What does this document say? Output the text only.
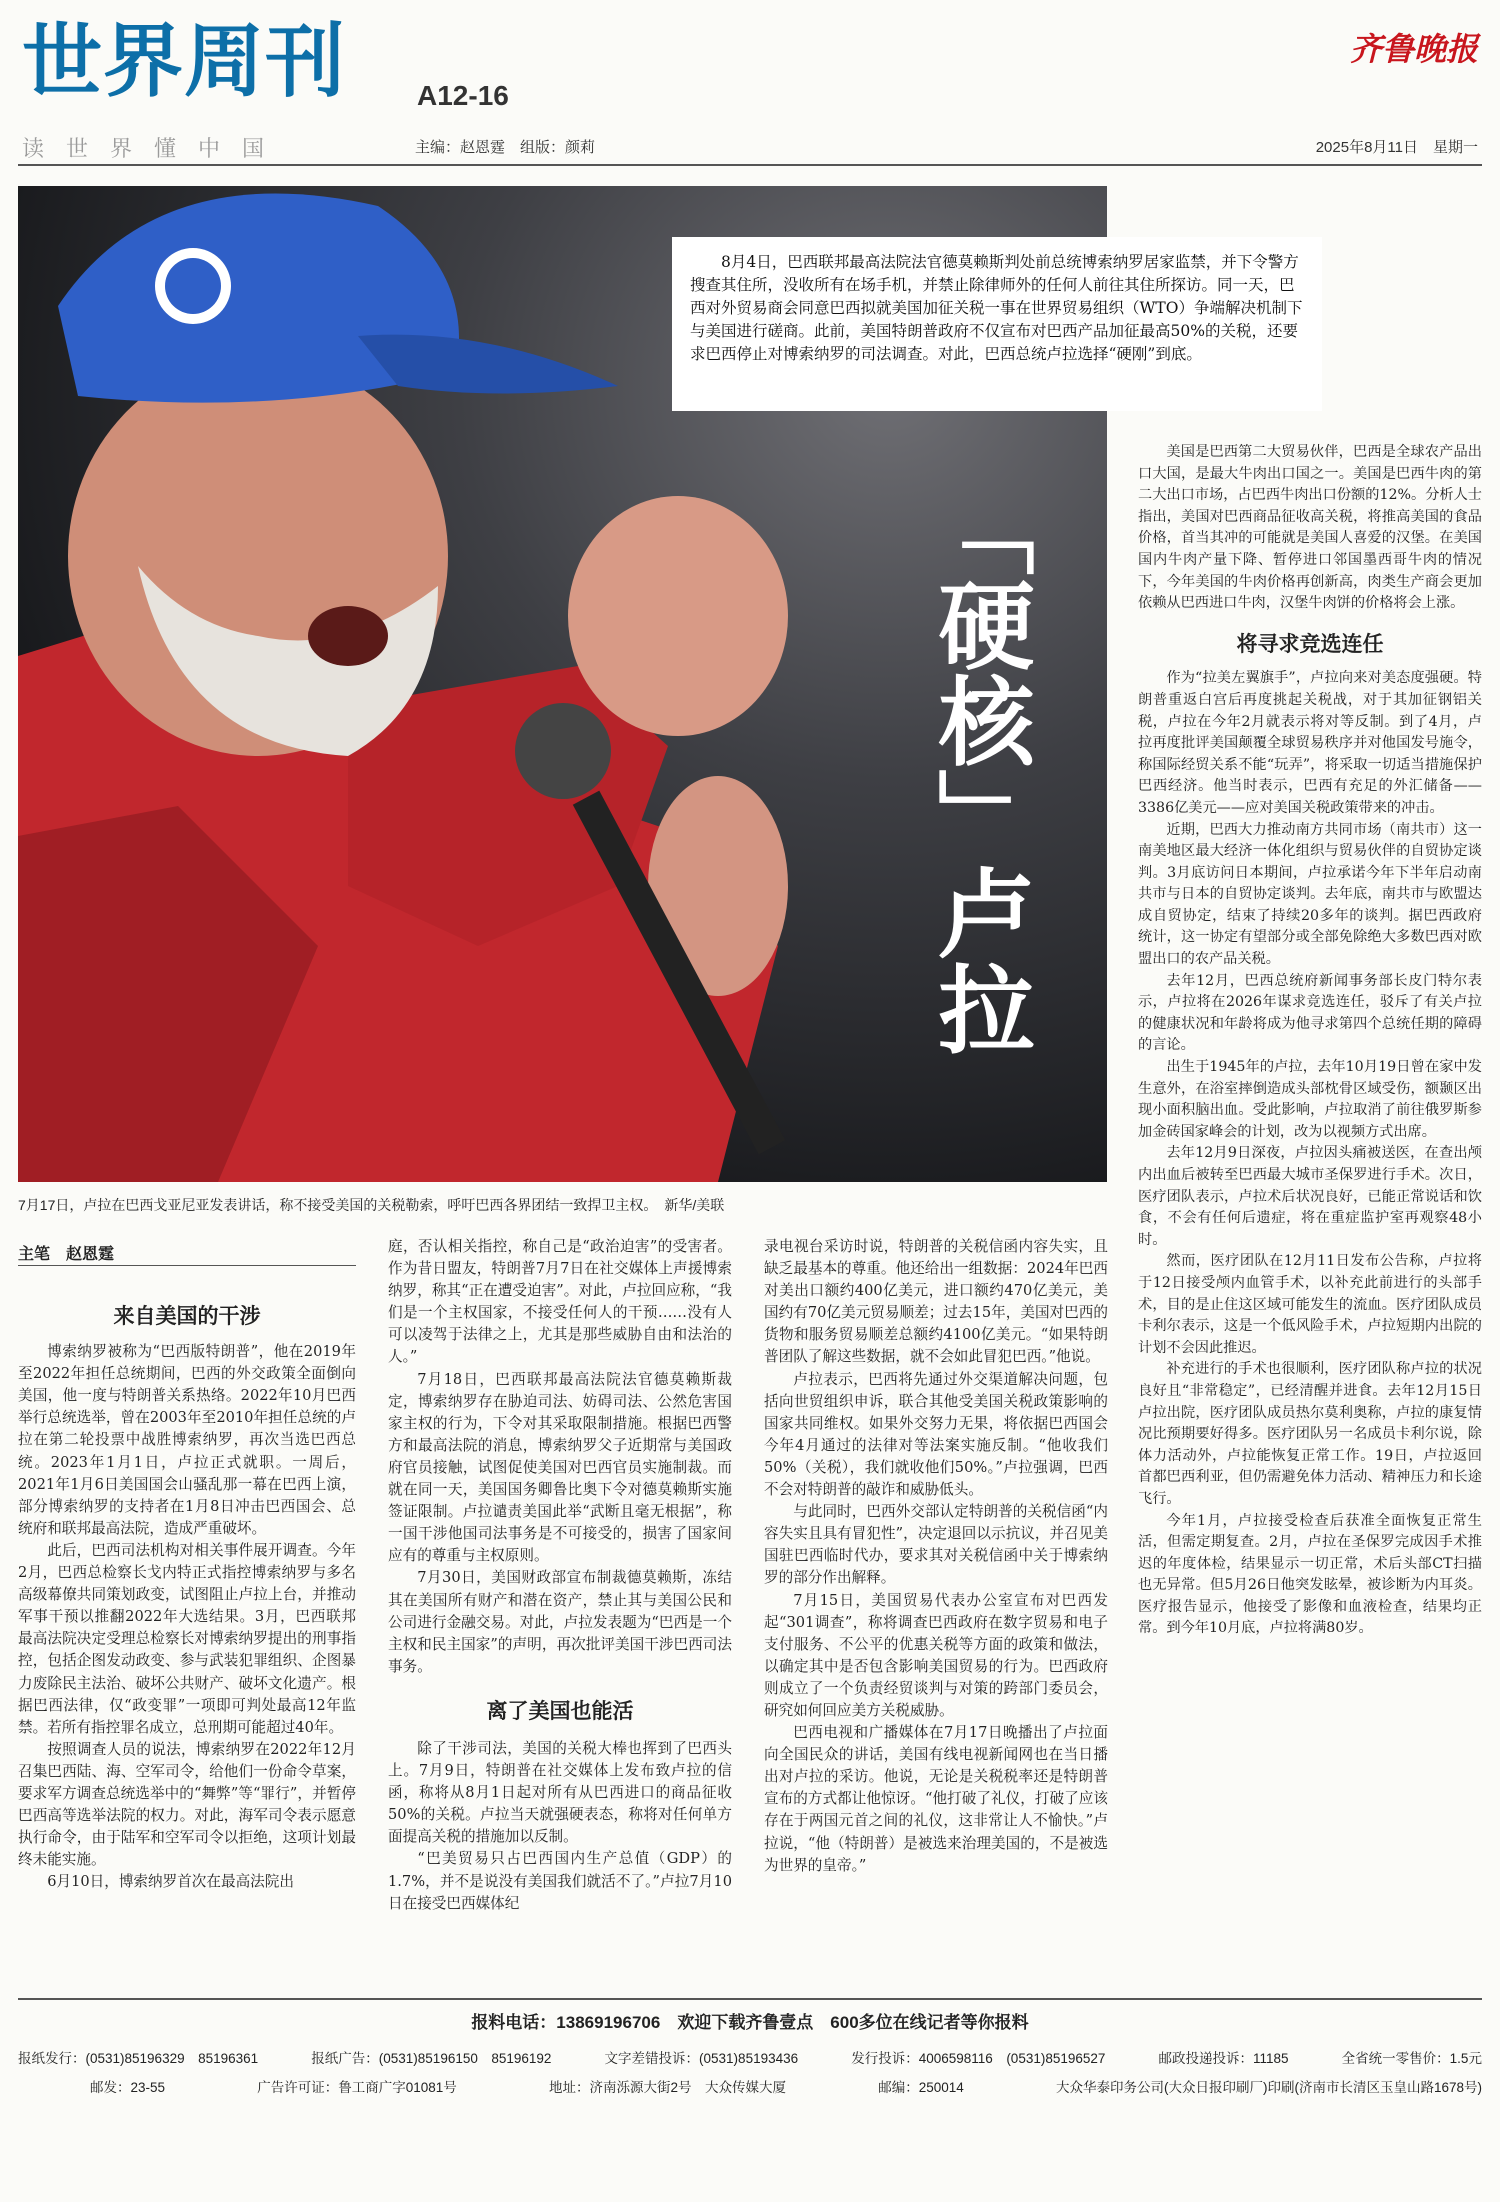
世界周刊	A12-16
读世界懂中国	主编：赵恩霆　组版：颜莉	2025年8月11日　星期一
齐鲁晚报
8月4日，巴西联邦最高法院法官德莫赖斯判处前总统博索纳罗居家监禁，并下令警方搜查其住所，没收所有在场手机，并禁止除律师外的任何人前往其住所探访。同一天，巴西对外贸易商会同意巴西拟就美国加征关税一事在世界贸易组织（WTO）争端解决机制下与美国进行磋商。此前，美国特朗普政府不仅宣布对巴西产品加征最高50%的关税，还要求巴西停止对博索纳罗的司法调查。对此，巴西总统卢拉选择“硬刚”到底。
「硬核」卢拉
7月17日，卢拉在巴西戈亚尼亚发表讲话，称不接受美国的关税勒索，呼吁巴西各界团结一致捍卫主权。　新华/美联
主笔　赵恩霆
来自美国的干涉

博索纳罗被称为“巴西版特朗普”，他在2019年至2022年担任总统期间，巴西的外交政策全面倒向美国，他一度与特朗普关系热络。2022年10月巴西举行总统选举，曾在2003年至2010年担任总统的卢拉在第二轮投票中战胜博索纳罗，再次当选巴西总统。2023年1月1日，卢拉正式就职。一周后，2021年1月6日美国国会山骚乱那一幕在巴西上演，部分博索纳罗的支持者在1月8日冲击巴西国会、总统府和联邦最高法院，造成严重破坏。

此后，巴西司法机构对相关事件展开调查。今年2月，巴西总检察长戈内特正式指控博索纳罗与多名高级幕僚共同策划政变，试图阻止卢拉上台，并推动军事干预以推翻2022年大选结果。3月，巴西联邦最高法院决定受理总检察长对博索纳罗提出的刑事指控，包括企图发动政变、参与武装犯罪组织、企图暴力废除民主法治、破坏公共财产、破坏文化遗产。根据巴西法律，仅“政变罪”一项即可判处最高12年监禁。若所有指控罪名成立，总刑期可能超过40年。

按照调查人员的说法，博索纳罗在2022年12月召集巴西陆、海、空军司令，给他们一份命令草案，要求军方调查总统选举中的“舞弊”等“罪行”，并暂停巴西高等选举法院的权力。对此，海军司令表示愿意执行命令，由于陆军和空军司令以拒绝，这项计划最终未能实施。

6月10日，博索纳罗首次在最高法院出

庭，否认相关指控，称自己是“政治迫害”的受害者。作为昔日盟友，特朗普7月7日在社交媒体上声援博索纳罗，称其“正在遭受迫害”。对此，卢拉回应称，“我们是一个主权国家，不接受任何人的干预……没有人可以凌驾于法律之上，尤其是那些威胁自由和法治的人。”

7月18日，巴西联邦最高法院法官德莫赖斯裁定，博索纳罗存在胁迫司法、妨碍司法、公然危害国家主权的行为，下令对其采取限制措施。根据巴西警方和最高法院的消息，博索纳罗父子近期常与美国政府官员接触，试图促使美国对巴西官员实施制裁。而就在同一天，美国国务卿鲁比奥下令对德莫赖斯实施签证限制。卢拉谴责美国此举“武断且毫无根据”，称一国干涉他国司法事务是不可接受的，损害了国家间应有的尊重与主权原则。

7月30日，美国财政部宣布制裁德莫赖斯，冻结其在美国所有财产和潜在资产，禁止其与美国公民和公司进行金融交易。对此，卢拉发表题为“巴西是一个主权和民主国家”的声明，再次批评美国干涉巴西司法事务。

离了美国也能活

除了干涉司法，美国的关税大棒也挥到了巴西头上。7月9日，特朗普在社交媒体上发布致卢拉的信函，称将从8月1日起对所有从巴西进口的商品征收50%的关税。卢拉当天就强硬表态，称将对任何单方面提高关税的措施加以反制。

“巴美贸易只占巴西国内生产总值（GDP）的1.7%，并不是说没有美国我们就活不了。”卢拉7月10日在接受巴西媒体纪

录电视台采访时说，特朗普的关税信函内容失实，且缺乏最基本的尊重。他还给出一组数据：2024年巴西对美出口额约400亿美元，进口额约470亿美元，美国约有70亿美元贸易顺差；过去15年，美国对巴西的货物和服务贸易顺差总额约4100亿美元。“如果特朗普团队了解这些数据，就不会如此冒犯巴西。”他说。

卢拉表示，巴西将先通过外交渠道解决问题，包括向世贸组织申诉，联合其他受美国关税政策影响的国家共同维权。如果外交努力无果，将依据巴西国会今年4月通过的法律对等法案实施反制。“他收我们50%（关税），我们就收他们50%。”卢拉强调，巴西不会对特朗普的敲诈和威胁低头。

与此同时，巴西外交部认定特朗普的关税信函“内容失实且具有冒犯性”，决定退回以示抗议，并召见美国驻巴西临时代办，要求其对关税信函中关于博索纳罗的部分作出解释。

7月15日，美国贸易代表办公室宣布对巴西发起“301调查”，称将调查巴西政府在数字贸易和电子支付服务、不公平的优惠关税等方面的政策和做法，以确定其中是否包含影响美国贸易的行为。巴西政府则成立了一个负责经贸谈判与对策的跨部门委员会，研究如何回应美方关税威胁。

巴西电视和广播媒体在7月17日晚播出了卢拉面向全国民众的讲话，美国有线电视新闻网也在当日播出对卢拉的采访。他说，无论是关税税率还是特朗普宣布的方式都让他惊讶。“他打破了礼仪，打破了应该存在于两国元首之间的礼仪，这非常让人不愉快。”卢拉说，“他（特朗普）是被选来治理美国的，不是被选为世界的皇帝。”

美国是巴西第二大贸易伙伴，巴西是全球农产品出口大国，是最大牛肉出口国之一。美国是巴西牛肉的第二大出口市场，占巴西牛肉出口份额的12%。分析人士指出，美国对巴西商品征收高关税，将推高美国的食品价格，首当其冲的可能就是美国人喜爱的汉堡。在美国国内牛肉产量下降、暂停进口邻国墨西哥牛肉的情况下，今年美国的牛肉价格再创新高，肉类生产商会更加依赖从巴西进口牛肉，汉堡牛肉饼的价格将会上涨。

将寻求竞选连任

作为“拉美左翼旗手”，卢拉向来对美态度强硬。特朗普重返白宫后再度挑起关税战，对于其加征钢铝关税，卢拉在今年2月就表示将对等反制。到了4月，卢拉再度批评美国颠覆全球贸易秩序并对他国发号施令，称国际经贸关系不能“玩弄”，将采取一切适当措施保护巴西经济。他当时表示，巴西有充足的外汇储备——3386亿美元——应对美国关税政策带来的冲击。

近期，巴西大力推动南方共同市场（南共市）这一南美地区最大经济一体化组织与贸易伙伴的自贸协定谈判。3月底访问日本期间，卢拉承诺今年下半年启动南共市与日本的自贸协定谈判。去年底，南共市与欧盟达成自贸协定，结束了持续20多年的谈判。据巴西政府统计，这一协定有望部分或全部免除绝大多数巴西对欧盟出口的农产品关税。

去年12月，巴西总统府新闻事务部长皮门特尔表示，卢拉将在2026年谋求竞选连任，驳斥了有关卢拉的健康状况和年龄将成为他寻求第四个总统任期的障碍的言论。

出生于1945年的卢拉，去年10月19日曾在家中发生意外，在浴室摔倒造成头部枕骨区域受伤，额颞区出现小面积脑出血。受此影响，卢拉取消了前往俄罗斯参加金砖国家峰会的计划，改为以视频方式出席。

去年12月9日深夜，卢拉因头痛被送医，在查出颅内出血后被转至巴西最大城市圣保罗进行手术。次日，医疗团队表示，卢拉术后状况良好，已能正常说话和饮食，不会有任何后遗症，将在重症监护室再观察48小时。

然而，医疗团队在12月11日发布公告称，卢拉将于12日接受颅内血管手术，以补充此前进行的头部手术，目的是止住这区域可能发生的流血。医疗团队成员卡利尔表示，这是一个低风险手术，卢拉短期内出院的计划不会因此推迟。

补充进行的手术也很顺利，医疗团队称卢拉的状况良好且“非常稳定”，已经清醒并进食。去年12月15日卢拉出院，医疗团队成员热尔莫利奥称，卢拉的康复情况比预期要好得多。医疗团队另一名成员卡利尔说，除体力活动外，卢拉能恢复正常工作。19日，卢拉返回首都巴西利亚，但仍需避免体力活动、精神压力和长途飞行。

今年1月，卢拉接受检查后获准全面恢复正常生活，但需定期复查。2月，卢拉在圣保罗完成因手术推迟的年度体检，结果显示一切正常，术后头部CT扫描也无异常。但5月26日他突发眩晕，被诊断为内耳炎。医疗报告显示，他接受了影像和血液检查，结果均正常。到今年10月底，卢拉将满80岁。

报料电话：13869196706　欢迎下载齐鲁壹点　600多位在线记者等你报料
报纸发行：(0531)85196329　85196361	报纸广告：(0531)85196150　85196192	文字差错投诉：(0531)85193436	发行投诉：4006598116　(0531)85196527	邮政投递投诉：11185	全省统一零售价：1.5元
邮发：23-55	广告许可证：鲁工商广字01081号	地址：济南泺源大街2号　大众传媒大厦	邮编：250014	大众华泰印务公司(大众日报印刷厂)印刷(济南市长清区玉皇山路1678号)
